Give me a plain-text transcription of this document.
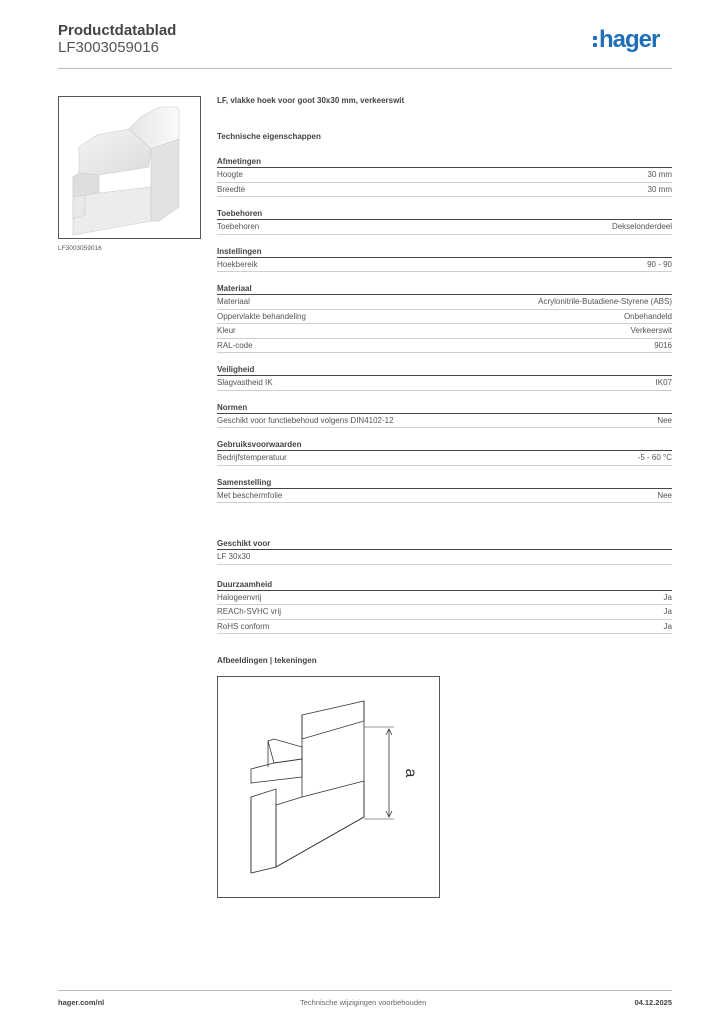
Productdatablad
LF3003059016	hager
LF3003059016
LF, vlakke hoek voor goot 30x30 mm, verkeerswit
Technische eigenschappen
Afmetingen
Hoogte	30 mm
Breedte	30 mm
Toebehoren
Toebehoren	Dekselonderdeel
Instellingen
Hoekbereik	90 - 90
Materiaal
Materiaal	Acrylonitrile-Butadiene-Styrene (ABS)
Oppervlakte behandeling	Onbehandeld
Kleur	Verkeerswit
RAL-code	9016
Veiligheid
Slagvastheid IK	IK07
Normen
Geschikt voor functiebehoud volgens DIN4102-12	Nee
Gebruiksvoorwaarden
Bedrijfstemperatuur	-5 - 60 °C
Samenstelling
Met beschermfolie	Nee
Geschikt voor
LF 30x30
Duurzaamheid
Halogeenvrij	Ja
REACh-SVHC vrij	Ja
RoHS conform	Ja
Afbeeldingen | tekeningen
a
hager.com/nl	Technische wijzigingen voorbehouden	04.12.2025
